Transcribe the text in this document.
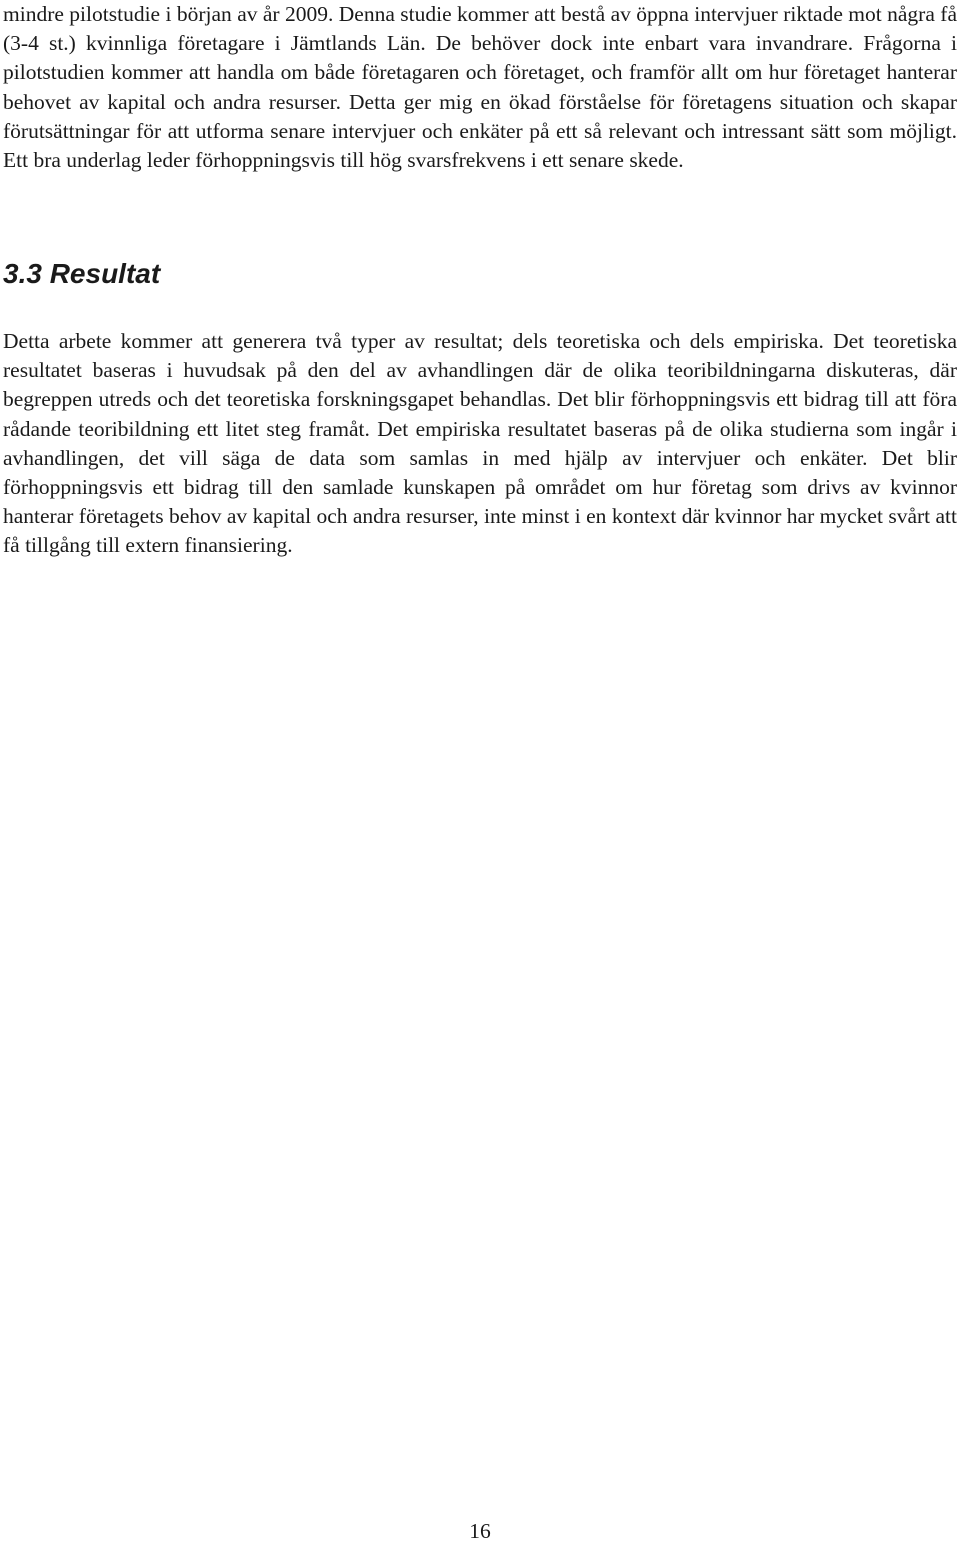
mindre pilotstudie i början av år 2009. Denna studie kommer att bestå av öppna intervjuer riktade mot några få (3-4 st.) kvinnliga företagare i Jämtlands Län. De behöver dock inte enbart vara invandrare. Frågorna i pilotstudien kommer att handla om både företagaren och företaget, och framför allt om hur företaget hanterar behovet av kapital och andra resurser. Detta ger mig en ökad förståelse för företagens situation och skapar förutsättningar för att utforma senare intervjuer och enkäter på ett så relevant och intressant sätt som möjligt. Ett bra underlag leder förhoppningsvis till hög svarsfrekvens i ett senare skede.

3.3 Resultat

Detta arbete kommer att generera två typer av resultat; dels teoretiska och dels empiriska. Det teoretiska resultatet baseras i huvudsak på den del av avhandlingen där de olika teoribildningarna diskuteras, där begreppen utreds och det teoretiska forskningsgapet behandlas. Det blir förhoppningsvis ett bidrag till att föra rådande teoribildning ett litet steg framåt. Det empiriska resultatet baseras på de olika studierna som ingår i avhandlingen, det vill säga de data som samlas in med hjälp av intervjuer och enkäter. Det blir förhoppningsvis ett bidrag till den samlade kunskapen på området om hur företag som drivs av kvinnor hanterar företagets behov av kapital och andra resurser, inte minst i en kontext där kvinnor har mycket svårt att få tillgång till extern finansiering.

16
